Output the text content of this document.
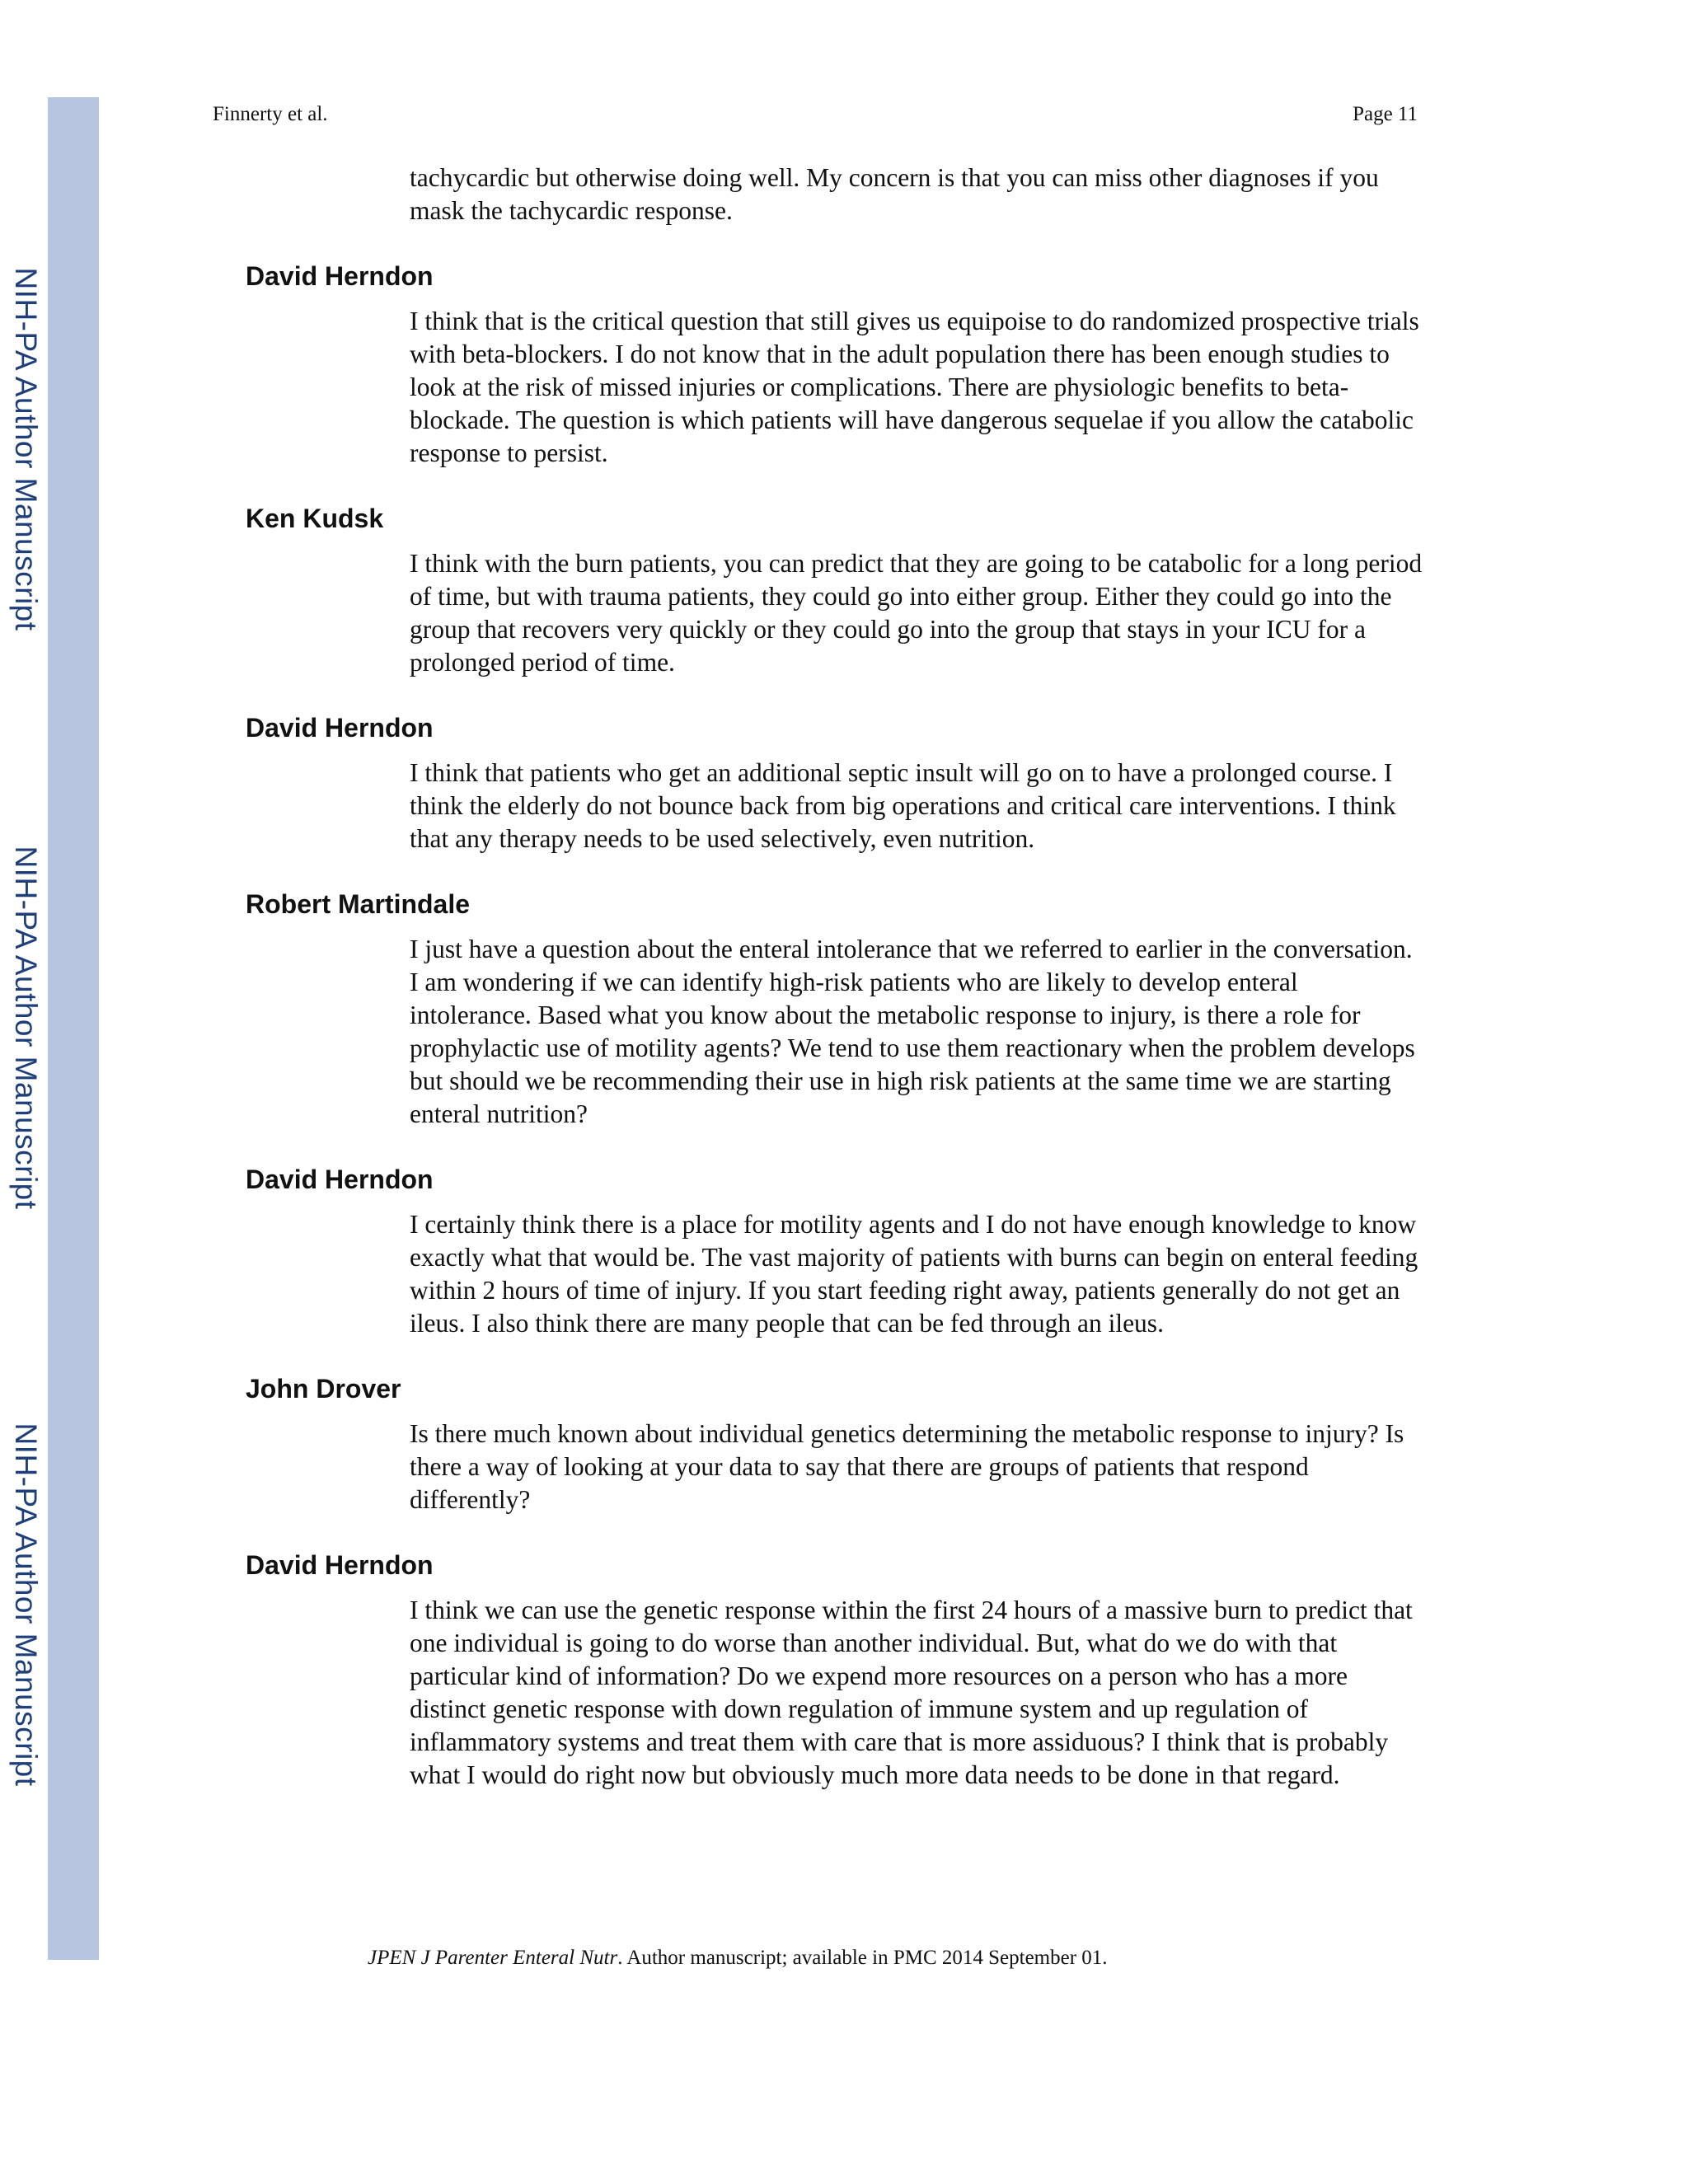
NIH-PA Author Manuscript
NIH-PA Author Manuscript
NIH-PA Author Manuscript
Finnerty et al.	Page 11

tachycardic but otherwise doing well. My concern is that you can miss other diagnoses if you mask the tachycardic response.

David Herndon

I think that is the critical question that still gives us equipoise to do randomized prospective trials with beta-blockers. I do not know that in the adult population there has been enough studies to look at the risk of missed injuries or complications. There are physiologic benefits to beta-blockade. The question is which patients will have dangerous sequelae if you allow the catabolic response to persist.

Ken Kudsk

I think with the burn patients, you can predict that they are going to be catabolic for a long period of time, but with trauma patients, they could go into either group. Either they could go into the group that recovers very quickly or they could go into the group that stays in your ICU for a prolonged period of time.

David Herndon

I think that patients who get an additional septic insult will go on to have a prolonged course. I think the elderly do not bounce back from big operations and critical care interventions. I think that any therapy needs to be used selectively, even nutrition.

Robert Martindale

I just have a question about the enteral intolerance that we referred to earlier in the conversation. I am wondering if we can identify high-risk patients who are likely to develop enteral intolerance. Based what you know about the metabolic response to injury, is there a role for prophylactic use of motility agents? We tend to use them reactionary when the problem develops but should we be recommending their use in high risk patients at the same time we are starting enteral nutrition?

David Herndon

I certainly think there is a place for motility agents and I do not have enough knowledge to know exactly what that would be. The vast majority of patients with burns can begin on enteral feeding within 2 hours of time of injury. If you start feeding right away, patients generally do not get an ileus. I also think there are many people that can be fed through an ileus.

John Drover

Is there much known about individual genetics determining the metabolic response to injury? Is there a way of looking at your data to say that there are groups of patients that respond differently?

David Herndon

I think we can use the genetic response within the first 24 hours of a massive burn to predict that one individual is going to do worse than another individual. But, what do we do with that particular kind of information? Do we expend more resources on a person who has a more distinct genetic response with down regulation of immune system and up regulation of inflammatory systems and treat them with care that is more assiduous? I think that is probably what I would do right now but obviously much more data needs to be done in that regard.

JPEN J Parenter Enteral Nutr. Author manuscript; available in PMC 2014 September 01.
